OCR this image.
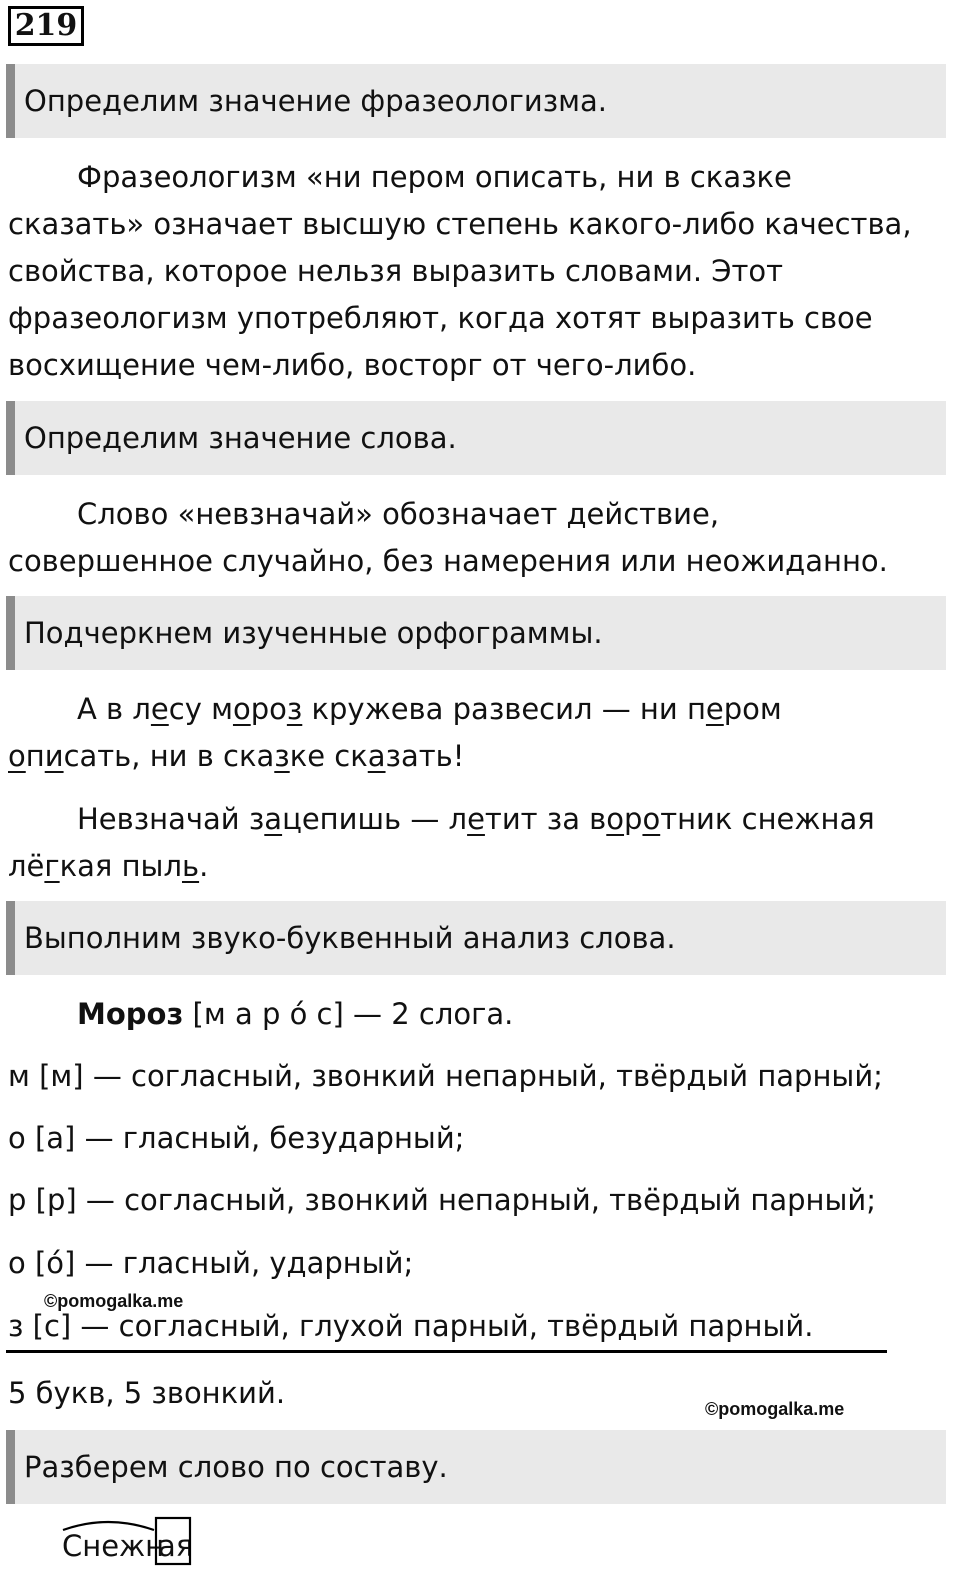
219
Определим значение фразеологизма.

Фразеологизм «ни пером описать, ни в сказке

сказать» означает высшую степень какого-либо качества,

свойства, которое нельзя выразить словами. Этот

фразеологизм употребляют, когда хотят выразить свое

восхищение чем-либо, восторг от чего-либо.

Определим значение слова.

Слово «невзначай» обозначает действие,

совершенное случайно, без намерения или неожиданно.

Подчеркнем изученные орфограммы.

А в лесу мороз кружева развесил — ни пером

описать, ни в сказке сказать!

Невзначай зацепишь — летит за воротник снежная

лёгкая пыль.

Выполним звуко-буквенный анализ слова.

Мороз [м а р ó с] — 2 слога.

м [м] — согласный, звонкий непарный, твёрдый парный;

о [а] — гласный, безударный;

р [р] — согласный, звонкий непарный, твёрдый парный;

о [ó] — гласный, ударный;

©pomogalka.me

з [с] — согласный, глухой парный, твёрдый парный.

5 букв, 5 звонкий.	©pomogalka.me
Разберем слово по составу.
Снежн
ая
